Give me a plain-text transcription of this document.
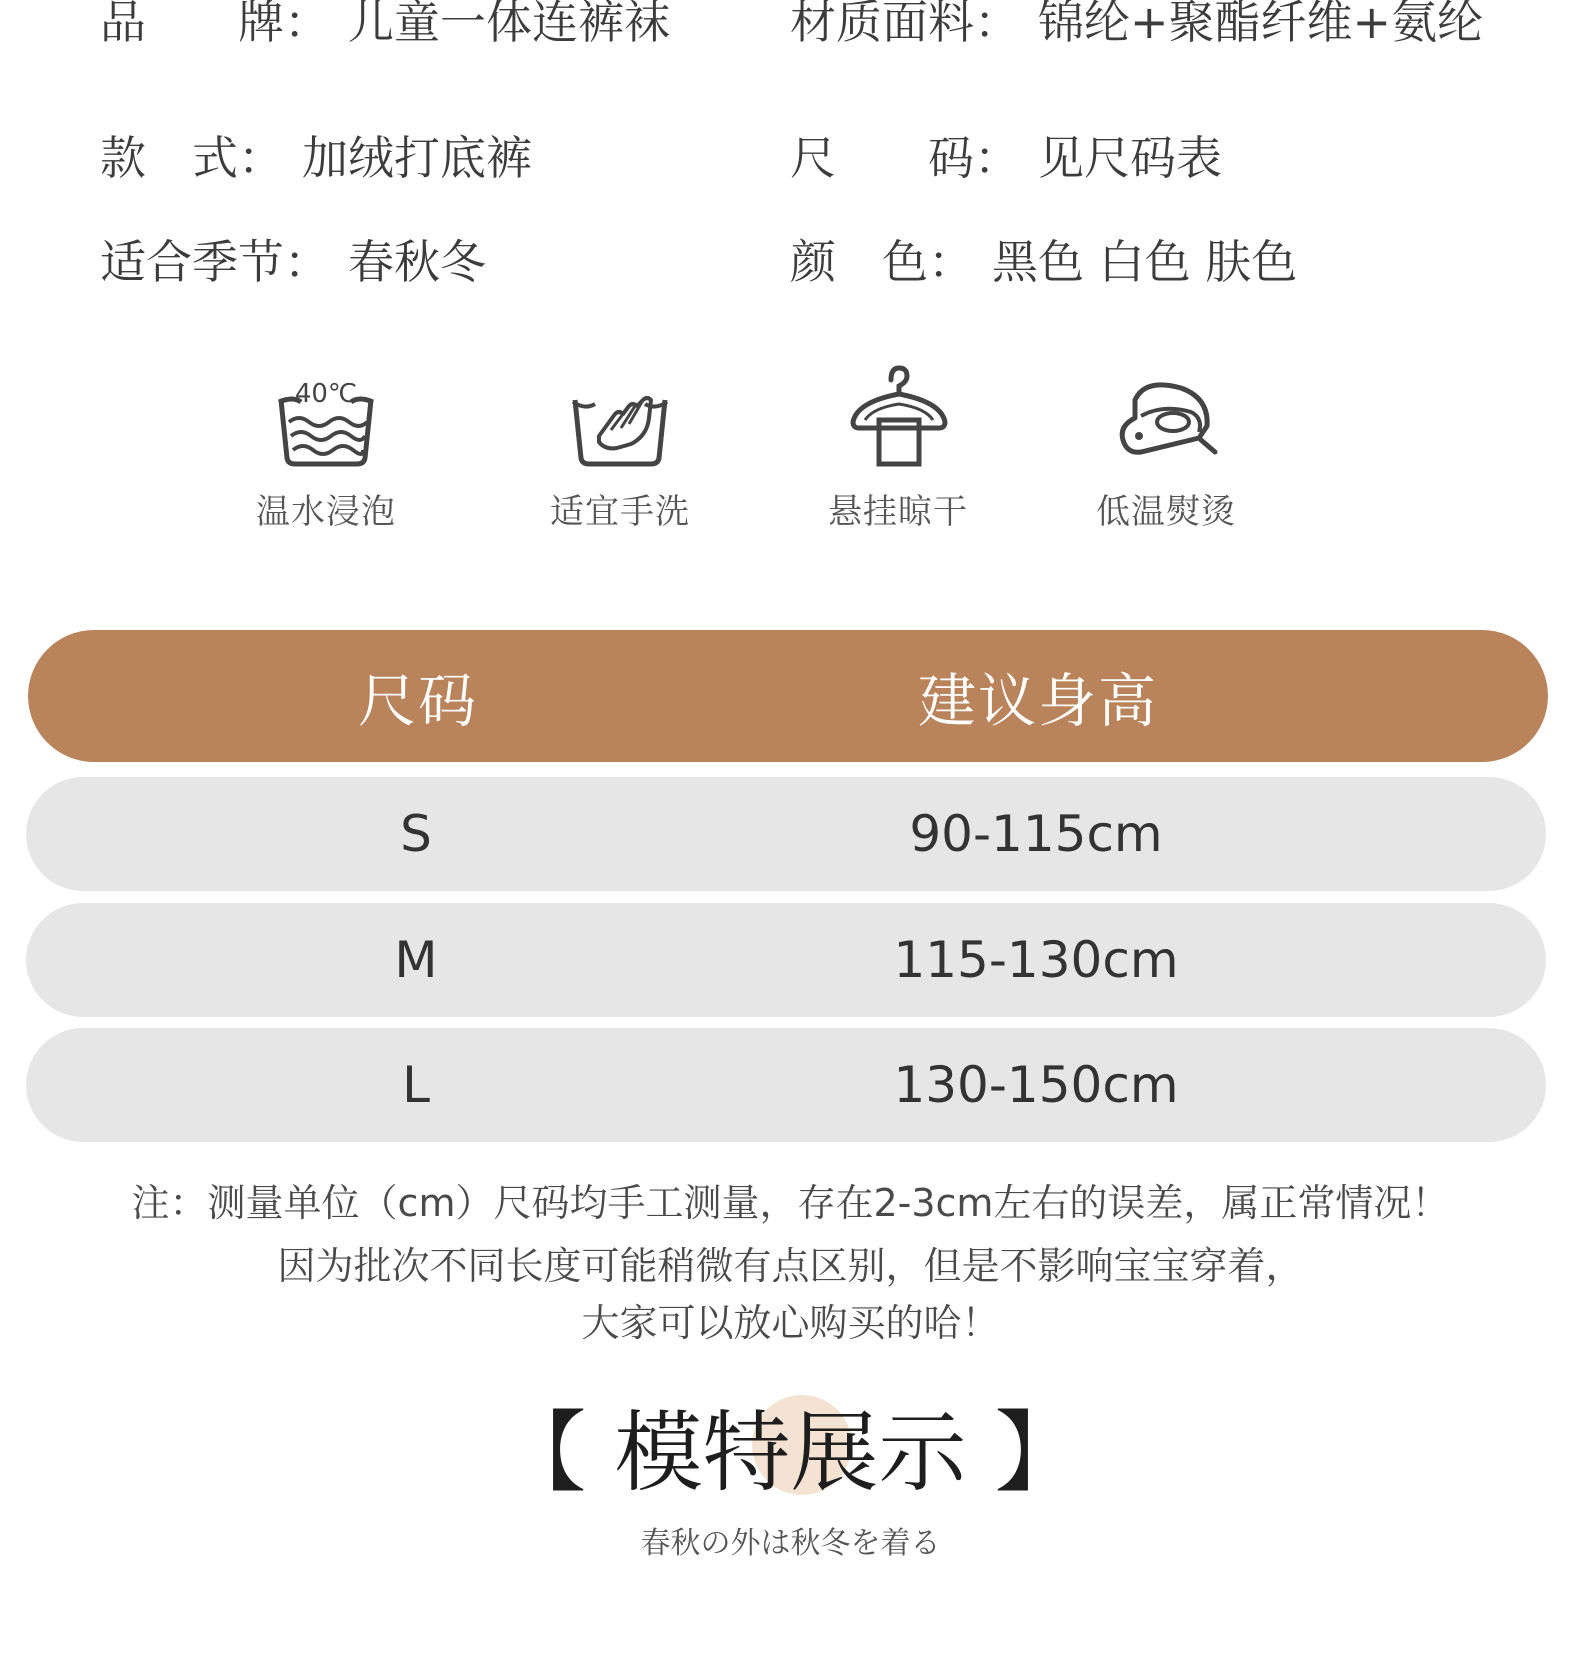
品　　牌： 儿童一体连裤袜	材质面料： 锦纶+聚酯纤维+氨纶
款　式： 加绒打底裤	尺　　码： 见尺码表
适合季节： 春秋冬	颜　色： 黑色 白色 肤色
40℃
温水浸泡	适宜手洗	悬挂晾干	低温熨烫
尺码	建议身高
S	90-115cm
M	115-130cm
L	130-150cm
注：测量单位（cm）尺码均手工测量，存在2-3cm左右的误差，属正常情况！
因为批次不同长度可能稍微有点区别，但是不影响宝宝穿着，
大家可以放心购买的哈！
【 模特展示 】
春秋の外は秋冬を着る
